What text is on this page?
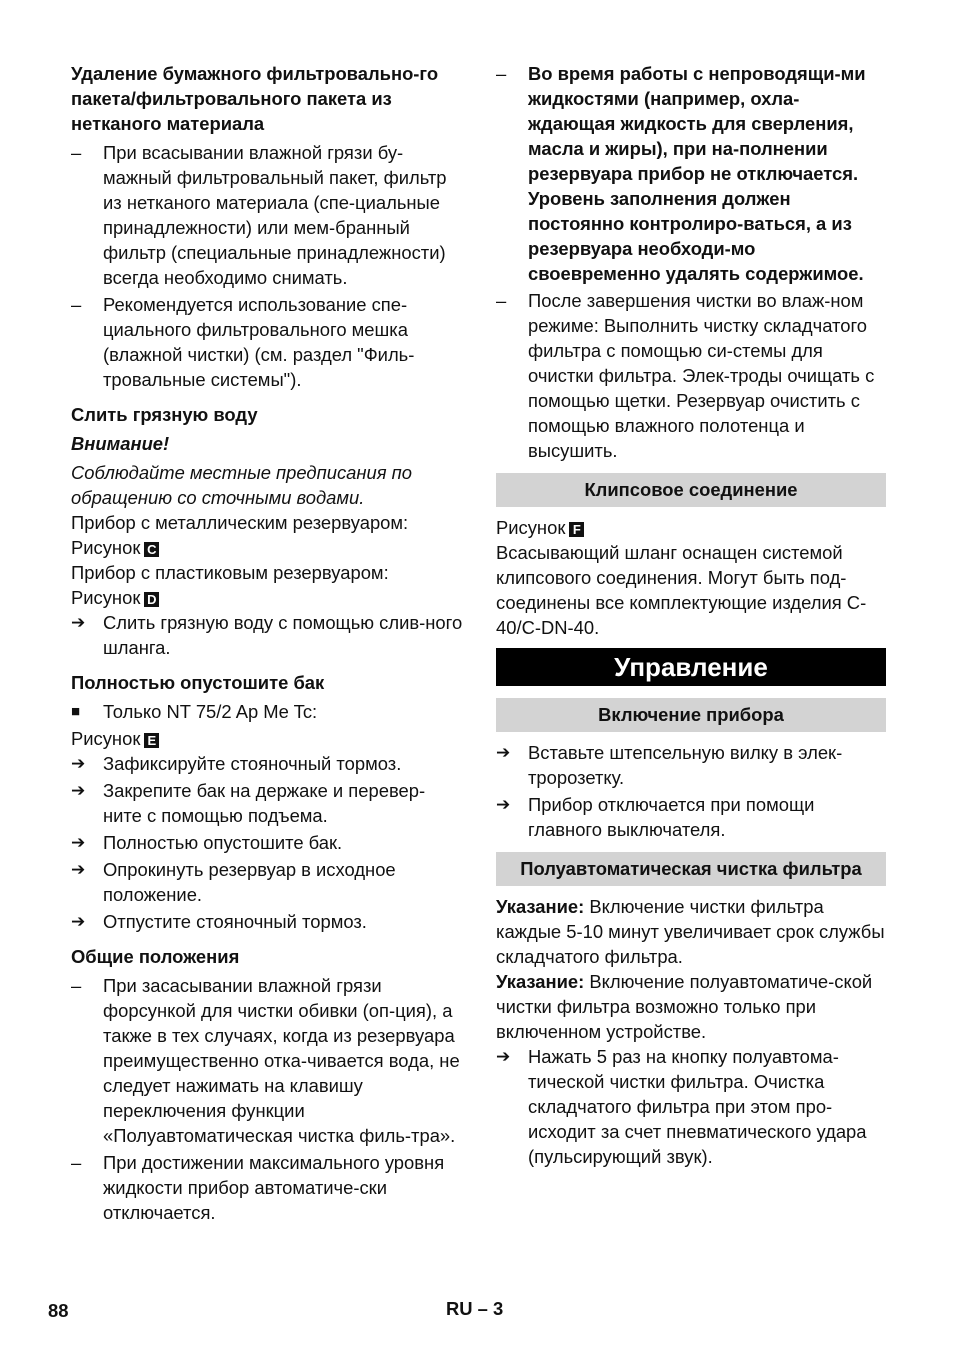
Удаление бумажного фильтровально-го пакета/фильтровального пакета из нетканого материала

– При всасывании влажной грязи бу-мажный фильтровальный пакет, фильтр из нетканого материала (спе-циальные принадлежности) или мем-бранный фильтр (специальные принадлежности) всегда необходимо снимать.
– Рекомендуется использование спе-циального фильтровального мешка (влажной чистки) (см. раздел "Филь-тровальные системы").

Слить грязную воду

Внимание!

Соблюдайте местные предписания по обращению со сточными водами.

Прибор с металлическим резервуаром:

Рисунок C

Прибор с пластиковым резервуаром:

Рисунок D

➔ Слить грязную воду с помощью слив-ного шланга.

Полностью опустошите бак

■ Только NT 75/2 Ap Me Tc:

Рисунок E

➔ Зафиксируйте стояночный тормоз.
➔ Закрепите бак на держаке и перевер-ните с помощью подъема.
➔ Полностью опустошите бак.
➔ Опрокинуть резервуар в исходное положение.
➔ Отпустите стояночный тормоз.

Общие положения

– При засасывании влажной грязи форсункой для чистки обивки (оп-ция), а также в тех случаях, когда из резервуара преимущественно отка-чивается вода, не следует нажимать на клавишу переключения функции «Полуавтоматическая чистка филь-тра».
– При достижении максимального уровня жидкости прибор автоматиче-ски отключается.
– Во время работы с непроводящи-ми жидкостями (например, охла-ждающая жидкость для сверления, масла и жиры), при на-полнении резервуара прибор не отключается. Уровень заполнения должен постоянно контролиро-ваться, а из резервуара необходи-мо своевременно удалять содержимое.
– После завершения чистки во влаж-ном режиме: Выполнить чистку складчатого фильтра с помощью си-стемы для очистки фильтра. Элек-троды очищать с помощью щетки. Резервуар очистить с помощью влажного полотенца и высушить.

Клипсовое соединение

Рисунок F

Всасывающий шланг оснащен системой клипсового соединения. Могут быть под-соединены все комплектующие изделия C-40/C-DN-40.

Управление

Включение прибора

➔ Вставьте штепсельную вилку в элек-тророзетку.
➔ Прибор отключается при помощи главного выключателя.

Полуавтоматическая чистка фильтра

Указание: Включение чистки фильтра каждые 5-10 минут увеличивает срок службы складчатого фильтра.

Указание: Включение полуавтоматиче-ской чистки фильтра возможно только при включенном устройстве.

➔ Нажать 5 раз на кнопку полуавтома-тической чистки фильтра. Очистка складчатого фильтра при этом про-исходит за счет пневматического удара (пульсирующий звук).
88	RU – 3
